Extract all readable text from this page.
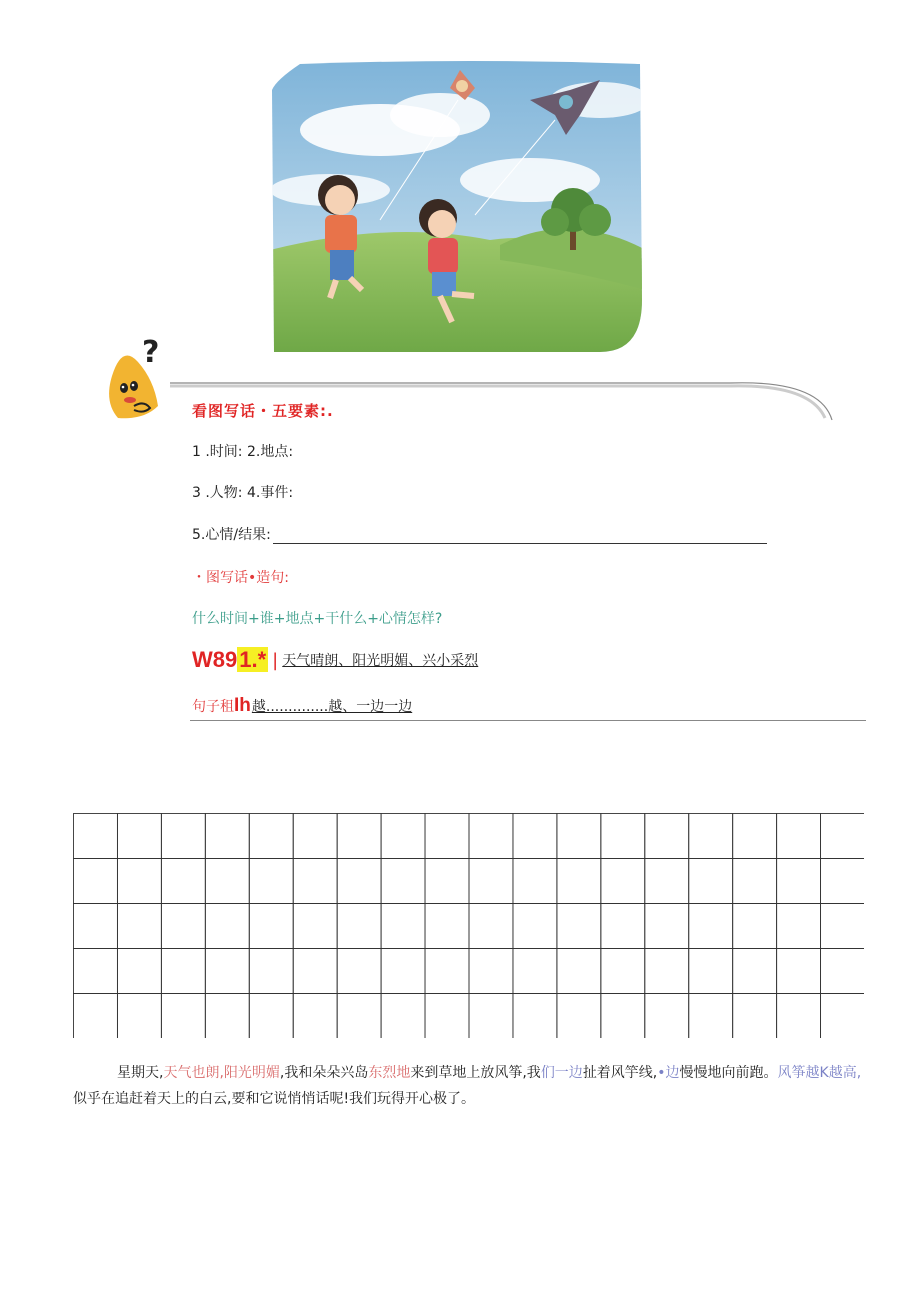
?
看图写话・五要素:.
1 .时间: 2.地点:
3 .人物: 4.事件:
5.心情/结果:
・图写话•造句:
什么时间+谁+地点+干什么+心情怎样?
W891.* | 天气晴朗、阳光明媚、兴小采烈
句子租 Ih 越..............越、一边一边
星期天,天气也朗,阳光明媚,我和朵朵兴岛东烈地来到草地上放风筝,我们一边扯着风竽线,•边慢慢地向前跑。风筝越K越高,似乎在追赶着天上的白云,要和它说悄悄话呢!我们玩得开心极了。
